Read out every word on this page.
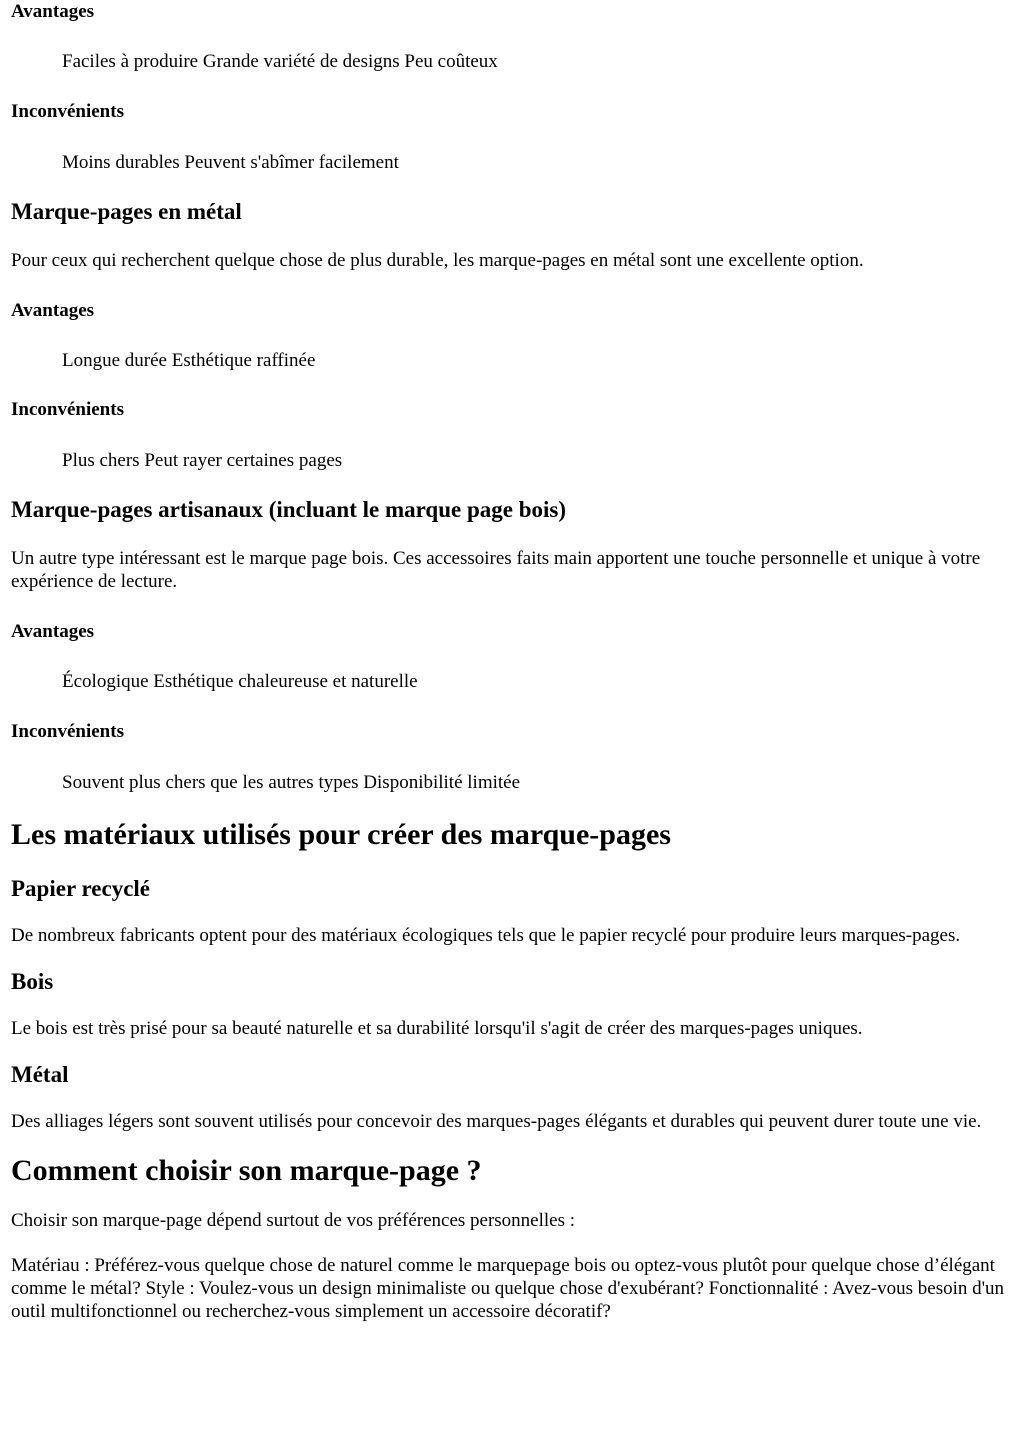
Avantages
Faciles à produire Grande variété de designs Peu coûteux
Inconvénients
Moins durables Peuvent s'abîmer facilement
Marque-pages en métal
Pour ceux qui recherchent quelque chose de plus durable, les marque-pages en métal sont une excellente option.
Avantages
Longue durée Esthétique raffinée
Inconvénients
Plus chers Peut rayer certaines pages
Marque-pages artisanaux (incluant le marque page bois)
Un autre type intéressant est le marque page bois. Ces accessoires faits main apportent une touche personnelle et unique à votre expérience de lecture.
Avantages
Écologique Esthétique chaleureuse et naturelle
Inconvénients
Souvent plus chers que les autres types Disponibilité limitée
Les matériaux utilisés pour créer des marque-pages
Papier recyclé
De nombreux fabricants optent pour des matériaux écologiques tels que le papier recyclé pour produire leurs marques-pages.
Bois
Le bois est très prisé pour sa beauté naturelle et sa durabilité lorsqu'il s'agit de créer des marques-pages uniques.
Métal
Des alliages légers sont souvent utilisés pour concevoir des marques-pages élégants et durables qui peuvent durer toute une vie.
Comment choisir son marque-page ?
Choisir son marque-page dépend surtout de vos préférences personnelles :
Matériau : Préférez-vous quelque chose de naturel comme le marquepage bois ou optez-vous plutôt pour quelque chose d’élégant comme le métal? Style : Voulez-vous un design minimaliste ou quelque chose d'exubérant? Fonctionnalité : Avez-vous besoin d'un outil multifonctionnel ou recherchez-vous simplement un accessoire décoratif?
